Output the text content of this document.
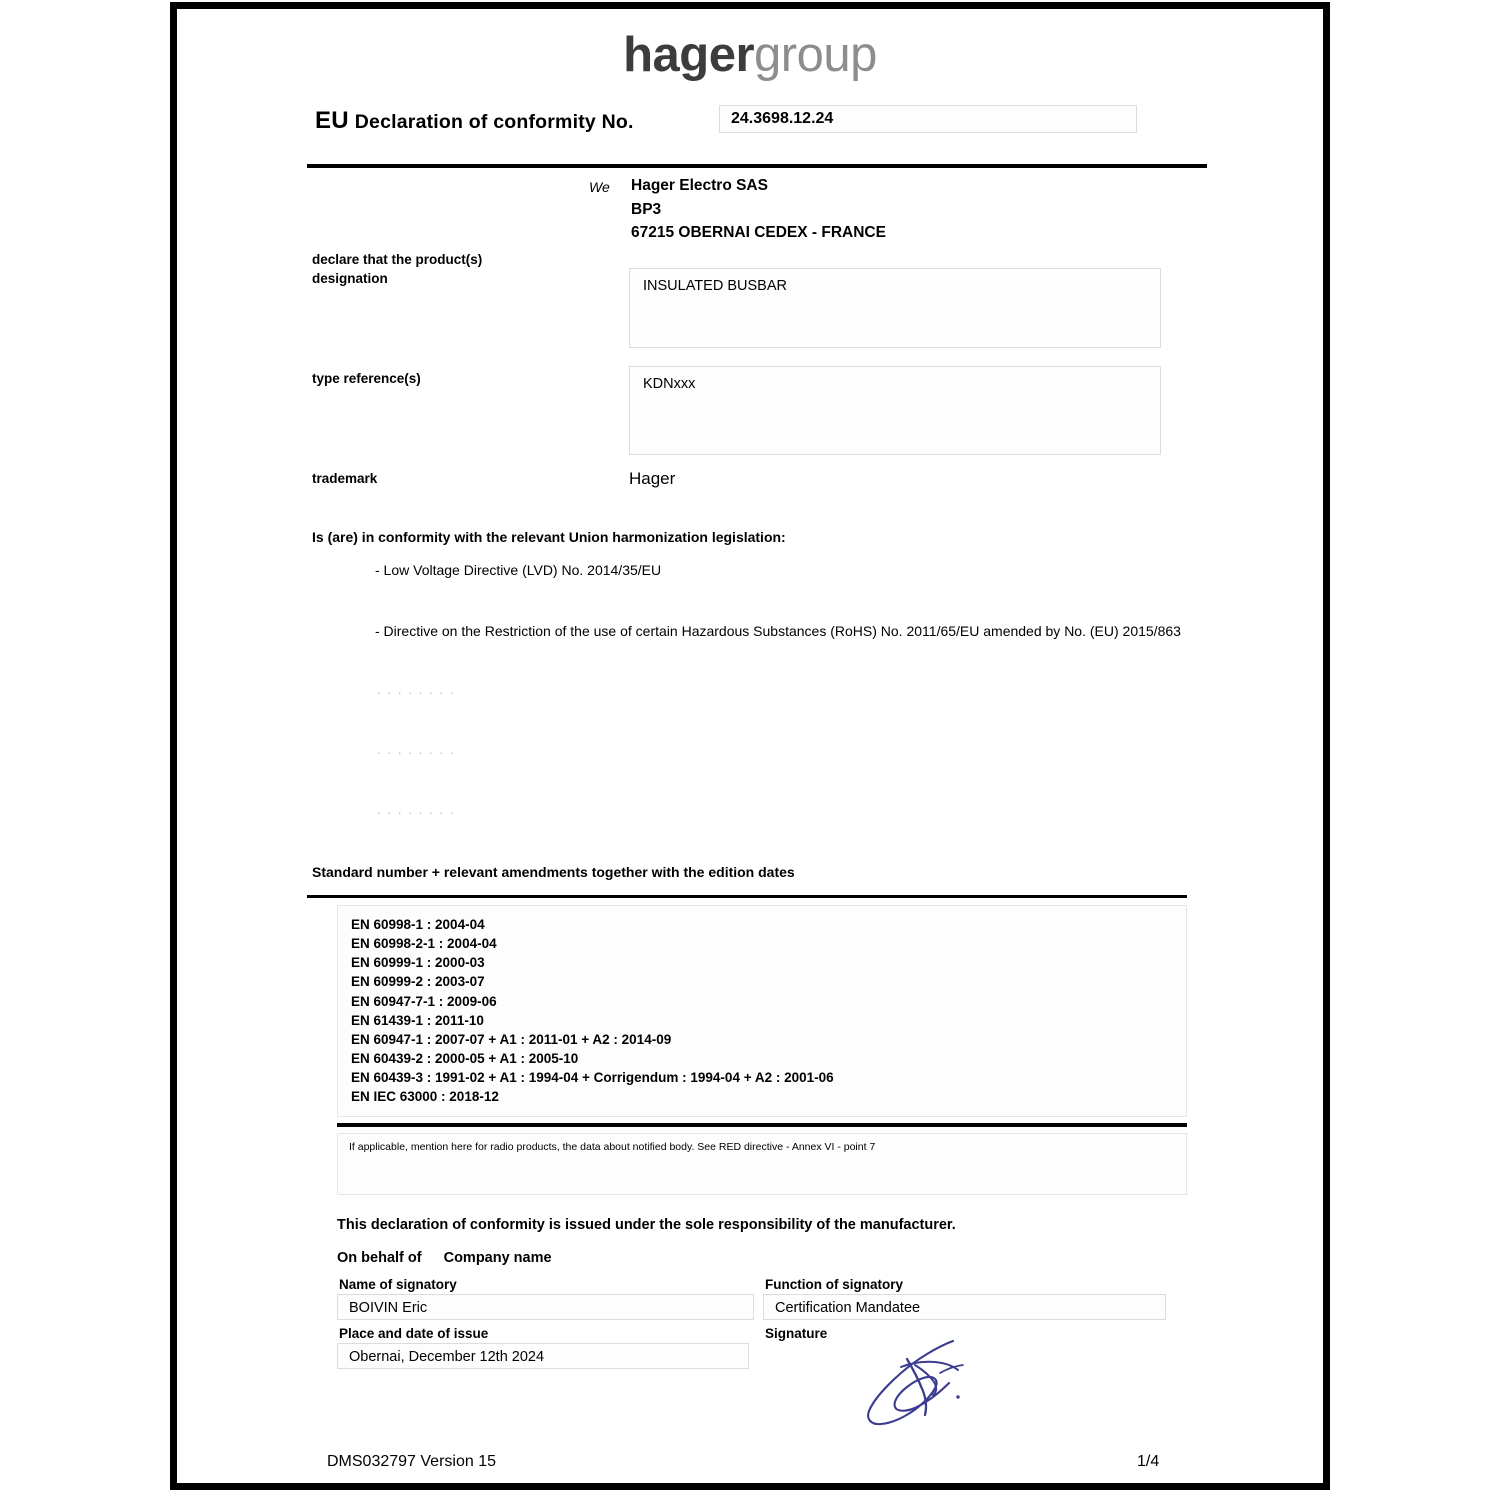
hagergroup
EU Declaration of conformity No.	24.3698.12.24
We Hager Electro SAS
BP3
67215 OBERNAI CEDEX - FRANCE
declare that the product(s)
designation	INSULATED BUSBAR
type reference(s)	KDNxxx
trademark	Hager
Is (are) in conformity with the relevant Union harmonization legislation:
- Low Voltage Directive (LVD) No. 2014/35/EU
- Directive on the Restriction of the use of certain Hazardous Substances (RoHS) No. 2011/65/EU amended by No. (EU) 2015/863
. . . . . . . .
. . . . . . . .
. . . . . . . .
Standard number + relevant amendments together with the edition dates
EN 60998-1 : 2004-04
EN 60998-2-1 : 2004-04
EN 60999-1 : 2000-03
EN 60999-2 : 2003-07
EN 60947-7-1 : 2009-06
EN 61439-1 : 2011-10
EN 60947-1 : 2007-07 + A1 : 2011-01 + A2 : 2014-09
EN 60439-2 : 2000-05 + A1 : 2005-10
EN 60439-3 : 1991-02 + A1 : 1994-04 + Corrigendum : 1994-04 + A2 : 2001-06
EN IEC 63000 : 2018-12
If applicable, mention here for radio products, the data about notified body. See RED directive - Annex VI - point 7
This declaration of conformity is issued under the sole responsibility of the manufacturer.
On behalf of Company name
Name of signatory
BOIVIN Eric
Function of signatory
Certification Mandatee
Place and date of issue
Obernai, December 12th 2024
Signature
DMS032797 Version 15	1/4
